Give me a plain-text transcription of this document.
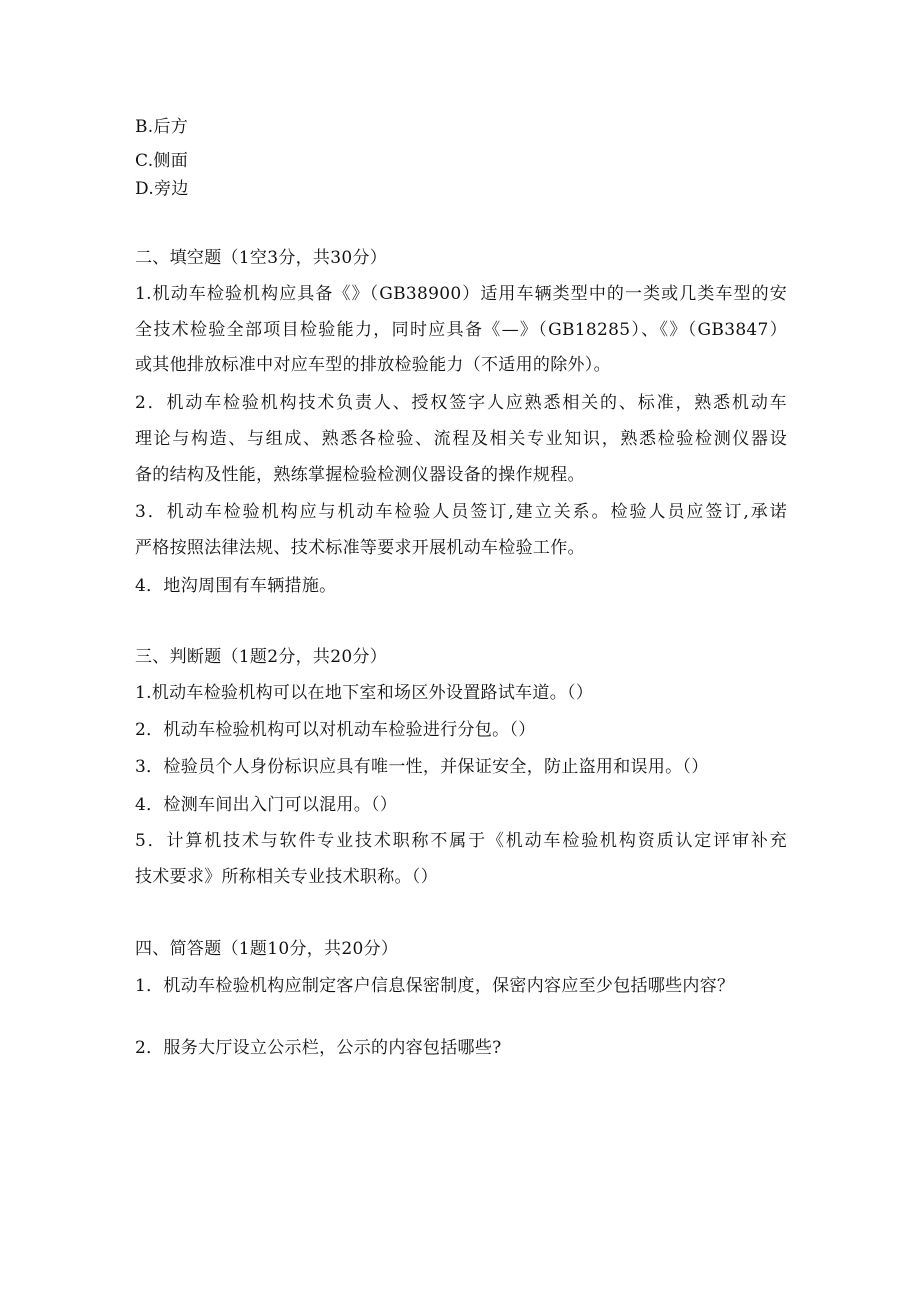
B.后方
C.侧面
D.旁边
二、填空题（1空3分，共30分）
1.机动车检验机构应具备《》（GB38900）适用车辆类型中的一类或几类车型的安
全技术检验全部项目检验能力，同时应具备《—》（GB18285）、《》（GB3847）
或其他排放标准中对应车型的排放检验能力（不适用的除外）。
2．机动车检验机构技术负责人、授权签字人应熟悉相关的、标准，熟悉机动车
理论与构造、与组成、熟悉各检验、流程及相关专业知识，熟悉检验检测仪器设
备的结构及性能，熟练掌握检验检测仪器设备的操作规程。
3．机动车检验机构应与机动车检验人员签订,建立关系。检验人员应签订,承诺
严格按照法律法规、技术标准等要求开展机动车检验工作。
4．地沟周围有车辆措施。
三、判断题（1题2分，共20分）
1.机动车检验机构可以在地下室和场区外设置路试车道。（）
2．机动车检验机构可以对机动车检验进行分包。（）
3．检验员个人身份标识应具有唯一性，并保证安全，防止盗用和误用。（）
4．检测车间出入门可以混用。（）
5．计算机技术与软件专业技术职称不属于《机动车检验机构资质认定评审补充
技术要求》所称相关专业技术职称。（）
四、简答题（1题10分，共20分）
1．机动车检验机构应制定客户信息保密制度，保密内容应至少包括哪些内容？
2．服务大厅设立公示栏，公示的内容包括哪些?
